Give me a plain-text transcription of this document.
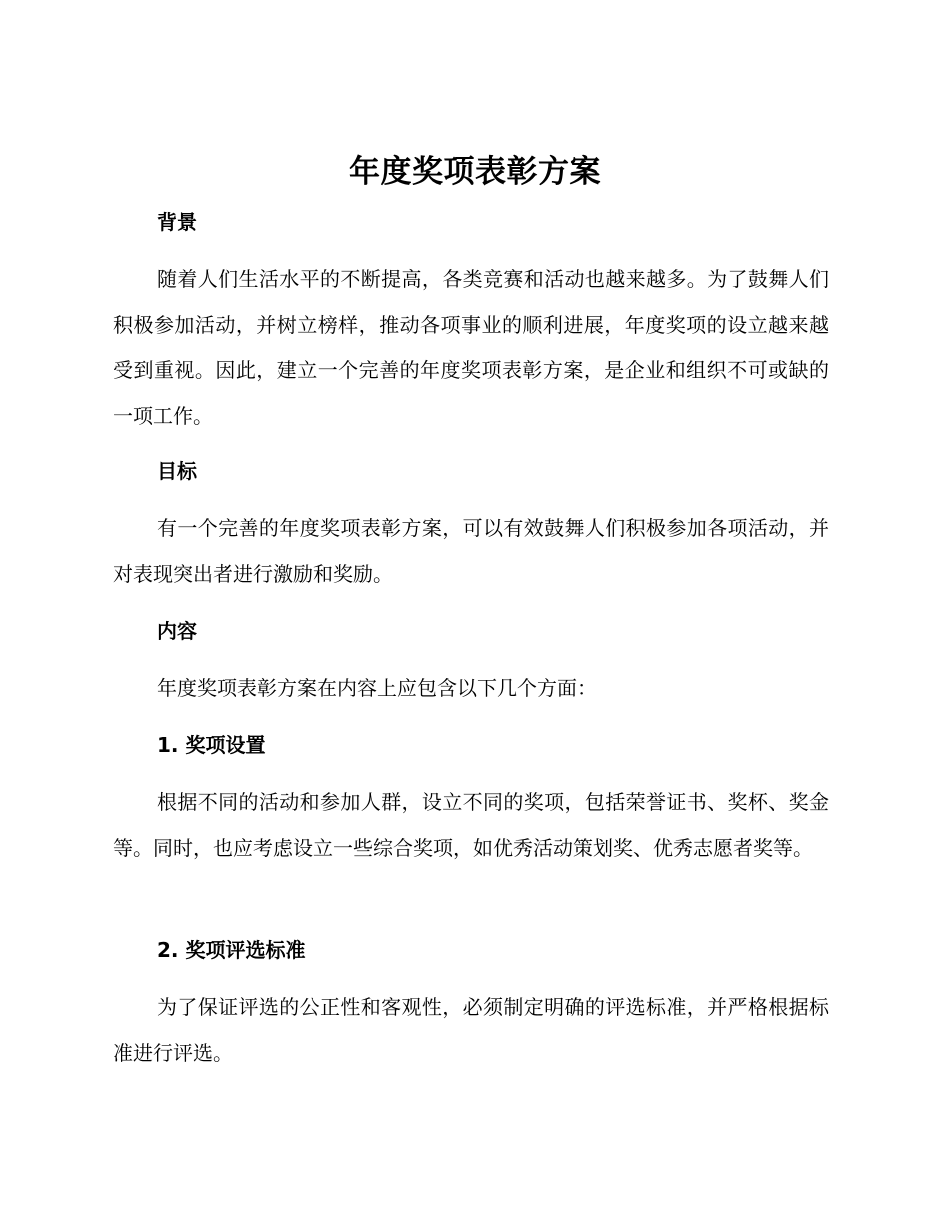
年度奖项表彰方案
背景

随着人们生活水平的不断提高，各类竞赛和活动也越来越多。为了鼓舞人们积极参加活动，并树立榜样，推动各项事业的顺利进展，年度奖项的设立越来越受到重视。因此，建立一个完善的年度奖项表彰方案，是企业和组织不可或缺的一项工作。

目标

有一个完善的年度奖项表彰方案，可以有效鼓舞人们积极参加各项活动，并对表现突出者进行激励和奖励。

内容

年度奖项表彰方案在内容上应包含以下几个方面：

1. 奖项设置

根据不同的活动和参加人群，设立不同的奖项，包括荣誉证书、奖杯、奖金等。同时，也应考虑设立一些综合奖项，如优秀活动策划奖、优秀志愿者奖等。

2. 奖项评选标准

为了保证评选的公正性和客观性，必须制定明确的评选标准，并严格根据标准进行评选。
